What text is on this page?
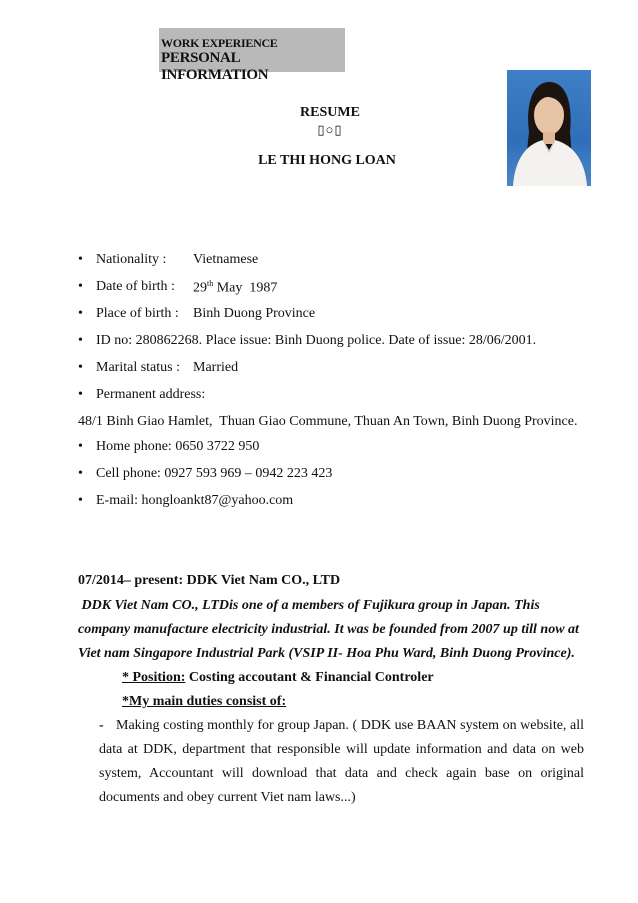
WORK EXPERIENCE
PERSONAL INFORMATION
RESUME
▯○▯
LE THI HONG LOAN
• Nationality : Vietnamese
• Date of birth : 29th May  1987
• Place of birth : Binh Duong Province
• ID no: 280862268. Place issue: Binh Duong police. Date of issue: 28/06/2001.
• Marital status : Married
• Permanent address:
48/1 Binh Giao Hamlet,  Thuan Giao Commune, Thuan An Town, Binh Duong Province.
• Home phone: 0650 3722 950
• Cell phone: 0927 593 969 – 0942 223 423
• E-mail: hongloankt87@yahoo.com
07/2014– present: DDK Viet Nam CO., LTD
DDK Viet Nam CO., LTDis one of a members of Fujikura group in Japan. This
company manufacture electricity industrial. It was be founded from 2007 up till now at
Viet nam Singapore Industrial Park (VSIP II- Hoa Phu Ward, Binh Duong Province).
* Position: Costing accoutant & Financial Controler
*My main duties consist of:
- Making costing monthly for group Japan. ( DDK use BAAN system on website, all
data at DDK, department that responsible will update information and data on web
system, Accountant will download that data and check again base on original
documents and obey current Viet nam laws...)
